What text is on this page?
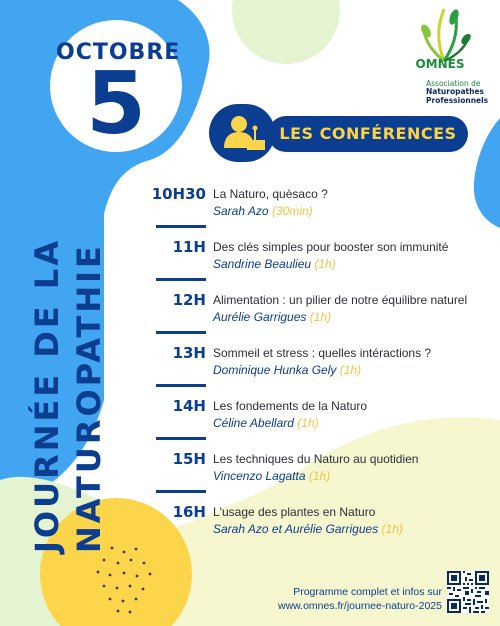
OCTOBRE
5
JOURNÉE DE LA NATUROPATHIE
OMNES
Association de
Naturopathes Professionnels
LES CONFÉRENCES
10H30 La Naturo, quèsaco ?
Sarah Azo (30min)
11H Des clés simples pour booster son immunité
Sandrine Beaulieu (1h)
12H Alimentation : un pilier de notre équilibre naturel
Aurélie Garrigues (1h)
13H Sommeil et stress : quelles intéractions ?
Dominique Hunka Gely (1h)
14H Les fondements de la Naturo
Céline Abellard (1h)
15H Les techniques du Naturo au quotidien
Vincenzo Lagatta (1h)
16H L'usage des plantes en Naturo
Sarah Azo et Aurélie Garrigues (1h)
Programme complet et infos sur
www.omnes.fr/journee-naturo-2025
